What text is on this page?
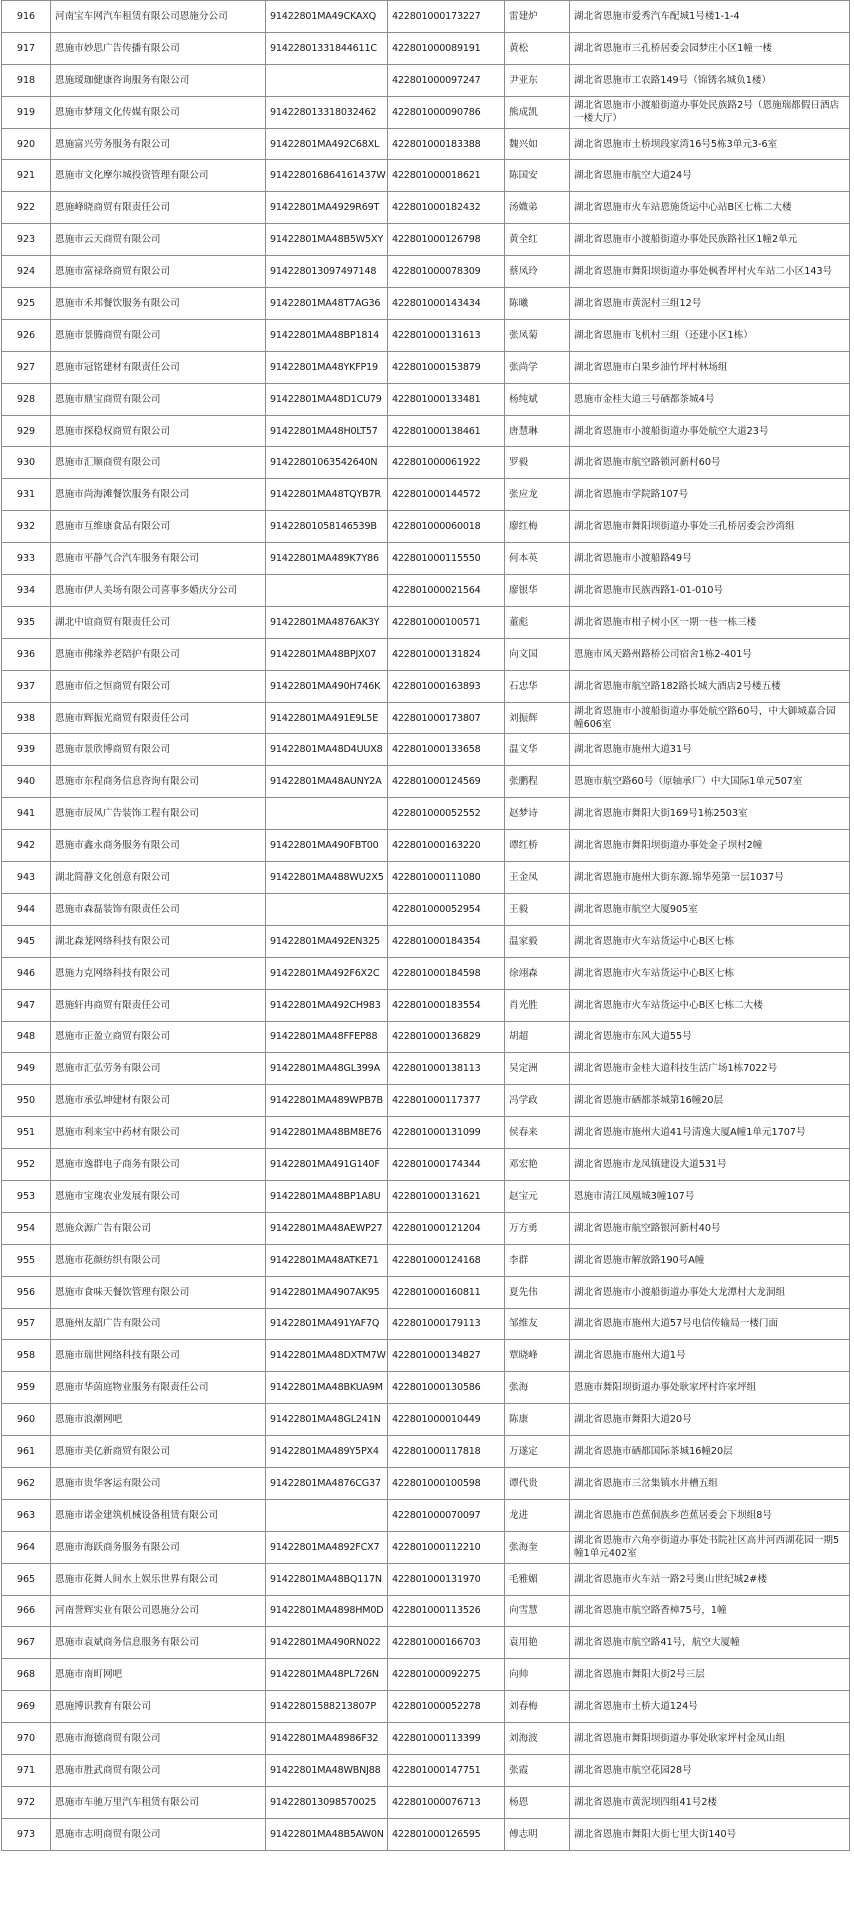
916	河南宝车网汽车租赁有限公司恩施分公司	91422801MA49CKAXQ	422801000173227	雷建炉	湖北省恩施市爱秀汽车配城1号楼1-1-4
917	恩施市妙思广告传播有限公司	91422801331844611C	422801000089191	黄松	湖北省恩施市三孔桥居委会园梦庄小区1幢一楼
918	恩施瑷珈健康咨询服务有限公司		422801000097247	尹亚东	湖北省恩施市工农路149号（锦锈名城负1楼）
919	恩施市梦翔文化传媒有限公司	91422801331803246​2	422801000090786	熊成凯	湖北省恩施市小渡船街道办事处民族路2号（恩施瑞都假日酒店一楼大厅）
920	恩施富兴劳务服务有限公司	91422801MA492C68XL	422801000183388	魏兴如	湖北省恩施市土桥坝段家湾16号5栋3单元3-6室
921	恩施市文化摩尔城投资管理有限公司	914228016864161437W	422801000018621	陈国安	湖北省恩施市航空大道24号
922	恩施峰晓商贸有限责任公司	91422801MA4929R69T	422801000182432	汤媺弟	湖北省恩施市火车站恩施货运中心站B区七栋二大楼
923	恩施市云天商贸有限公司	91422801MA48B5W5XY	422801000126798	黄全红	湖北省恩施市小渡船街道办事处民族路社区1幢2单元
924	恩施市富禄珞商贸有限公司	91422801309749714​8	422801000078309	蔡凤玲	湖北省恩施市舞阳坝街道办事处枫香坪村火车站二小区143号
925	恩施市禾邦餐饮服务有限公司	91422801MA48T7AG36	422801000143434	陈曦	湖北省恩施市黄泥村三组12号
926	恩施市景腾商贸有限公司	91422801MA48BP1814	422801000131613	张凤菊	湖北省恩施市飞机村三组（还建小区1栋）
927	恩施市冠铭建材有限责任公司	91422801MA48YKFP19	422801000153879	张尚学	湖北省恩施市白果乡油竹坪村林场组
928	恩施市鼎宝商贸有限公司	91422801MA48D1CU79	422801000133481	杨纯斌	恩施市金桂大道三号硒都茶城4号
929	恩施市探稳权商贸有限公司	91422801MA48H0LT57	422801000138461	唐慧琳	湖北省恩施市小渡船街道办事处航空大道23号
930	恩施市汇顺商贸有限公司	91422801063542640N	422801000061922	罗毅	湖北省恩施市航空路锁河新村60号
931	恩施市尚海滩餐饮服务有限公司	91422801MA48TQYB7R	422801000144572	张应龙	湖北省恩施市学院路107号
932	恩施市互维康食品有限公司	91422801058146539B	422801000060018	廖红梅	湖北省恩施市舞阳坝街道办事处三孔桥居委会沙湾组
933	恩施市平静气合汽车服务有限公司	91422801MA489K7Y86	422801000115550	何本英	湖北省恩施市小渡船路49号
934	恩施市伊人美场有限公司喜事多婚庆分公司		422801000021564	廖银华	湖北省恩施市民族西路1-01-010号
935	湖北中谊商贸有限责任公司	91422801MA4876AK3Y	422801000100571	董彪	湖北省恩施市柑子树小区一期一巷一栋三楼
936	恩施市佛缘养老陪护有限公司	91422801MA48BPJX07	422801000131824	向文国	恩施市凤天路州路桥公司宿舍1栋2-401号
937	恩施市佰之恒商贸有限公司	91422801MA490H746K	422801000163893	石忠华	湖北省恩施市航空路182路长城大酒店2号楼五楼
938	恩施市辉振光商贸有限责任公司	91422801MA491E9L5E	422801000173807	刘振辉	湖北省恩施市小渡船街道办事处航空路60号，中大御城嘉合园幢606室
939	恩施市景欣博商贸有限公司	91422801MA48D4UUX8	422801000133658	温文华	湖北省恩施市施州大道31号
940	恩施市东程商务信息咨询有限公司	91422801MA48AUNY2A	422801000124569	张鹏程	恩施市航空路60号（原轴承厂）中大国际1单元507室
941	恩施市辰凤广告装饰工程有限公司		422801000052552	赵梦诗	湖北省恩施市舞阳大街169号1栋2503室
942	恩施市鑫永商务服务有限公司	91422801MA490FBT00	422801000163220	谭红桥	湖北省恩施市舞阳坝街道办事处金子坝村2幢
943	湖北简静文化创意有限公司	91422801MA488WU2X5	422801000111080	王金凤	湖北省恩施市施州大街东源.锦华苑第一层1037号
944	恩施市森磊装饰有限责任公司		422801000052954	王毅	湖北省恩施市航空大厦905室
945	湖北森茏网络科技有限公司	91422801MA492EN325	422801000184354	温家毅	湖北省恩施市火车站货运中心B区七栋
946	恩施力克网络科技有限公司	91422801MA492F6X2C	422801000184598	徐翊森	湖北省恩施市火车站货运中心B区七栋
947	恩施轩冉商贸有限责任公司	91422801MA492CH983	422801000183554	肖光胜	湖北省恩施市火车站货运中心B区七栋二大楼
948	恩施市正盈立商贸有限公司	91422801MA48FFEP88	422801000136829	胡超	湖北省恩施市东风大道55号
949	恩施市汇弘劳务有限公司	91422801MA48GL399A	422801000138113	吴定洲	湖北省恩施市金桂大道科技生活广场1栋7022号
950	恩施市承弘坤建材有限公司	91422801MA489WPB7B	422801000117377	冯学政	湖北省恩施市硒都茶城第16幢20层
951	恩施市利来宝中药材有限公司	91422801MA48BM8E76	422801000131099	侯春来	湖北省恩施市施州大道41号清逸大厦A幢1单元1707号
952	恩施市逸群电子商务有限公司	91422801MA491G140F	422801000174344	邓宏艳	湖北省恩施市龙凤镇建设大道531号
953	恩施市宝瑰农业发展有限公司	91422801MA48BP1A8U	422801000131621	赵宝元	恩施市清江凤凰城3幢107号
954	恩施众源广告有限公司	91422801MA48AEWP27	422801000121204	万方勇	湖北省恩施市航空路银河新村40号
955	恩施市花颜纺织有限公司	91422801MA48ATKE71	422801000124168	李群	湖北省恩施市解放路190号A幢
956	恩施市食味天餐饮管理有限公司	91422801MA4907AK95	422801000160811	夏先伟	湖北省恩施市小渡船街道办事处大龙潭村大龙洞组
957	恩施州友韶广告有限公司	91422801MA491YAF7Q	422801000179113	邹维友	湖北省恩施市施州大道57号电信传输局一楼门面
958	恩施市瑞世网络科技有限公司	91422801MA48DXTM7W	422801000134827	覃晓峰	湖北省恩施市施州大道1号
959	恩施市华茵庭物业服务有限责任公司	91422801MA48BKUA9M	422801000130586	张海	恩施市舞阳坝街道办事处耿家坪村许家坪组
960	恩施市浪潮网吧	91422801MA48GL241N	422801000010449	陈康	湖北省恩施市舞阳大道20号
961	恩施市美亿新商贸有限公司	91422801MA489Y5PX4	422801000117818	万遂定	湖北省恩施市硒都国际茶城16幢20层
962	恩施市贵华客运有限公司	91422801MA4876CG37	422801000100598	谭代贵	湖北省恩施市三岔集镇水井槽五组
963	恩施市诺金建筑机械设备租赁有限公司		422801000070097	龙进	湖北省恩施市芭蕉侗族乡芭蕉居委会下坝组8号
964	恩施市海跃商务服务有限公司	91422801MA4892FCX7	422801000112210	张海奎	湖北省恩施市六角亭街道办事处书院社区高井河西湖花园一期5幢1单元402室
965	恩施市花舞人间水上娱乐世界有限公司	91422801MA48BQ117N	422801000131970	毛雅媚	湖北省恩施市火车站一路2号奥山世纪城2#楼
966	河南誉辉实业有限公司恩施分公司	91422801MA4898HM0D	422801000113526	向雪慧	湖北省恩施市航空路香樟75号，1幢
967	恩施市袁斌商务信息服务有限公司	91422801MA490RN022	422801000166703	袁用艳	湖北省恩施市航空路41号，航空大厦幢
968	恩施市南町网吧	91422801MA48PL726N	422801000092275	向帅	湖北省恩施市舞阳大街2号三层
969	恩施博识教育有限公司	91422801588213807P	422801000052278	刘春梅	湖北省恩施市土桥大道124号
970	恩施市海德商贸有限公司	91422801MA48986F32	422801000113399	刘海波	湖北省恩施市舞阳坝街道办事处耿家坪村金凤山组
971	恩施市胜武商贸有限公司	91422801MA48WBNJ88	422801000147751	张霞	湖北省恩施市航空花园28号
972	恩施市车驰万里汽车租赁有限公司	91422801309857002​5	422801000076713	杨恩	湖北省恩施市黄泥坝四组41号2楼
973	恩施市志明商贸有限公司	91422801MA48B5AW0N	422801000126595	傅志明	湖北省恩施市舞阳大街七里大街140号
